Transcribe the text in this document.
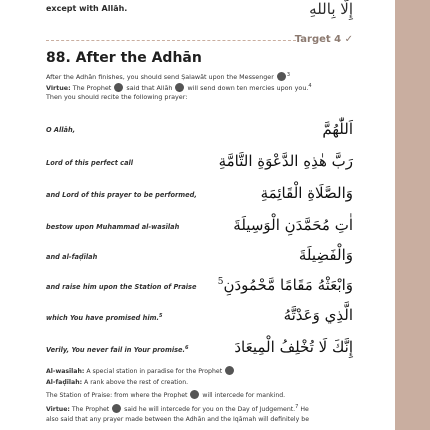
except with Allāh.	إِلَّا بِاللهِ
Target 4 ✓
88. After the Adhān
After the Adhān finishes, you should send Ṣalawāt upon the Messenger	$^3$
Virtue: The Prophet said that Allāh will send down ten mercies upon you.$^4$
Then you should recite the following prayer:
O Allāh,	اَللّٰهُمَّ
Lord of this perfect call	رَبَّ هٰذِهِ الدَّعْوَةِ التَّامَّةِ
and Lord of this prayer to be performed,	وَالصَّلَاةِ الْقَائِمَةِ
bestow upon Muhammad al-wasīlah	اٰتِ مُحَمَّدَنِ الْوَسِيلَةَ
and al-faḍīlah	وَالْفَضِيلَةَ
and raise him upon the Station of Praise	وَابْعَثْهُ مَقَامًا مَّحْمُودَنِ$^5$
which You have promised him.$^5$	الَّذِي وَعَدْتَّهُ
Verily, You never fail in Your promise.$^6$	إِنَّكَ لَا تُخْلِفُ الْمِيعَادَ
Al-wasīlah: A special station in paradise for the Prophet
Al-faḍīlah: A rank above the rest of creation.
The Station of Praise: from where the Prophet will intercede for mankind.
Virtue: The Prophet said he will intercede for you on the Day of Judgement.$^7$ He
also said that any prayer made between the Adhān and the Iqāmah will definitely be
